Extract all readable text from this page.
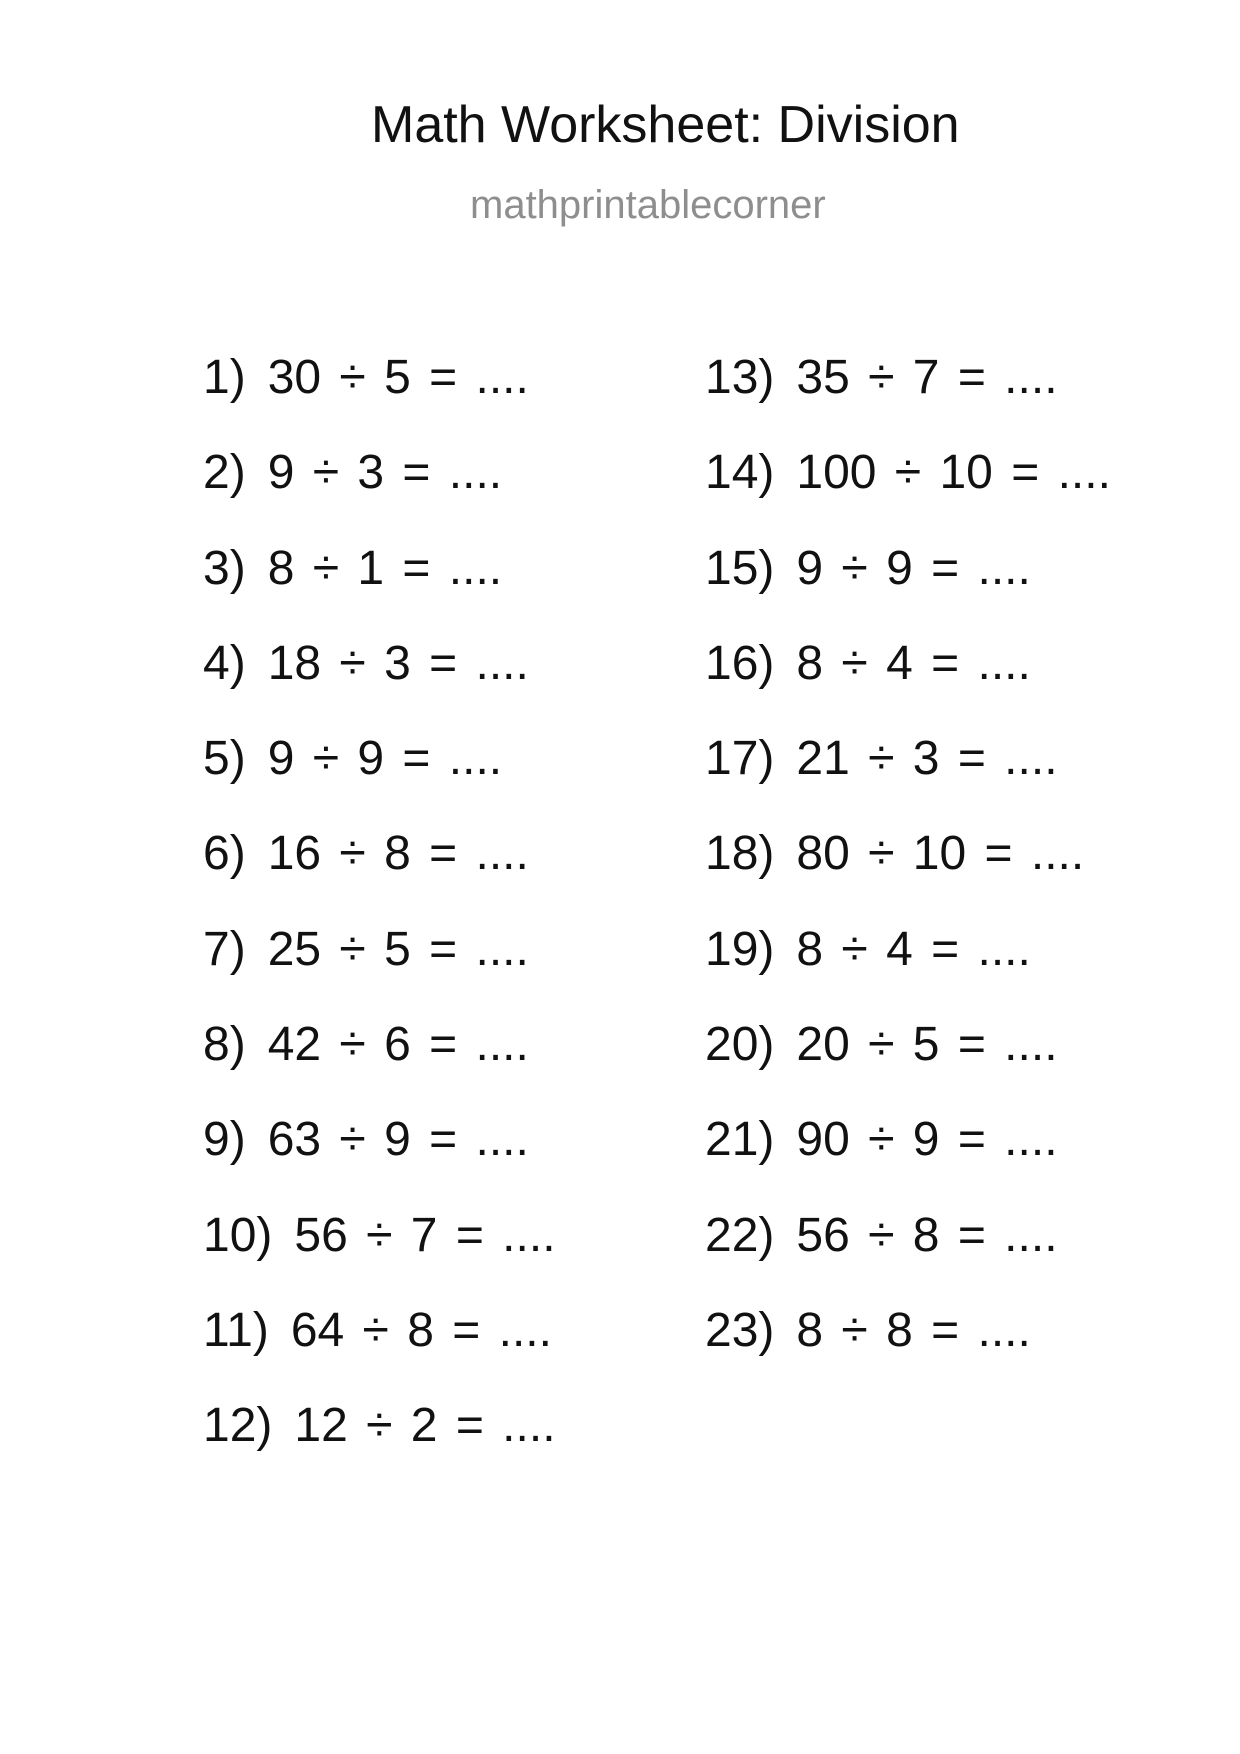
Math Worksheet: Division
mathprintablecorner
1) 30 ÷ 5 = ....
2) 9 ÷ 3 = ....
3) 8 ÷ 1 = ....
4) 18 ÷ 3 = ....
5) 9 ÷ 9 = ....
6) 16 ÷ 8 = ....
7) 25 ÷ 5 = ....
8) 42 ÷ 6 = ....
9) 63 ÷ 9 = ....
10) 56 ÷ 7 = ....
11) 64 ÷ 8 = ....
12) 12 ÷ 2 = ....
13) 35 ÷ 7 = ....
14) 100 ÷ 10 = ....
15) 9 ÷ 9 = ....
16) 8 ÷ 4 = ....
17) 21 ÷ 3 = ....
18) 80 ÷ 10 = ....
19) 8 ÷ 4 = ....
20) 20 ÷ 5 = ....
21) 90 ÷ 9 = ....
22) 56 ÷ 8 = ....
23) 8 ÷ 8 = ....
